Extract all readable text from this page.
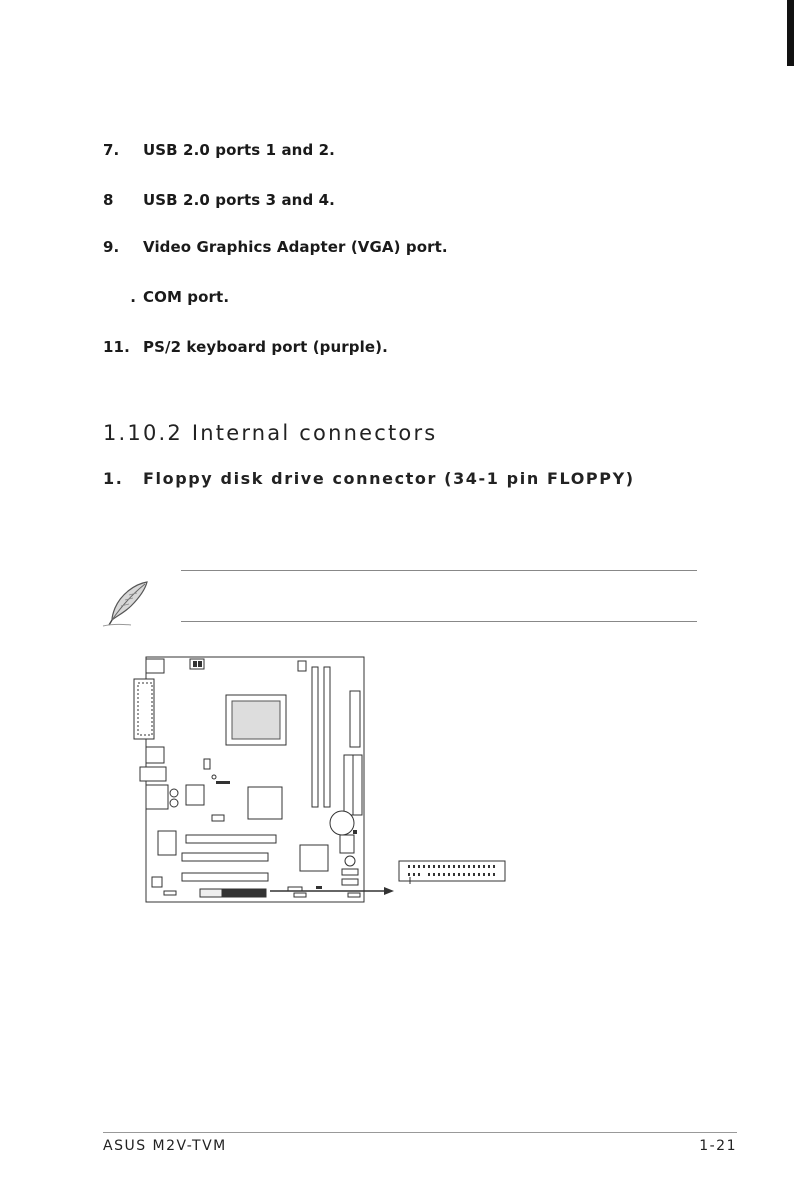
7. USB 2.0 ports 1 and 2.
8 USB 2.0 ports 3 and 4.
9. Video Graphics Adapter (VGA) port.
. COM port.
11. PS/2 keyboard port (purple).
1.10.2 Internal connectors
1. Floppy disk drive connector (34-1 pin FLOPPY)
ASUS M2V-TVM	1-21
